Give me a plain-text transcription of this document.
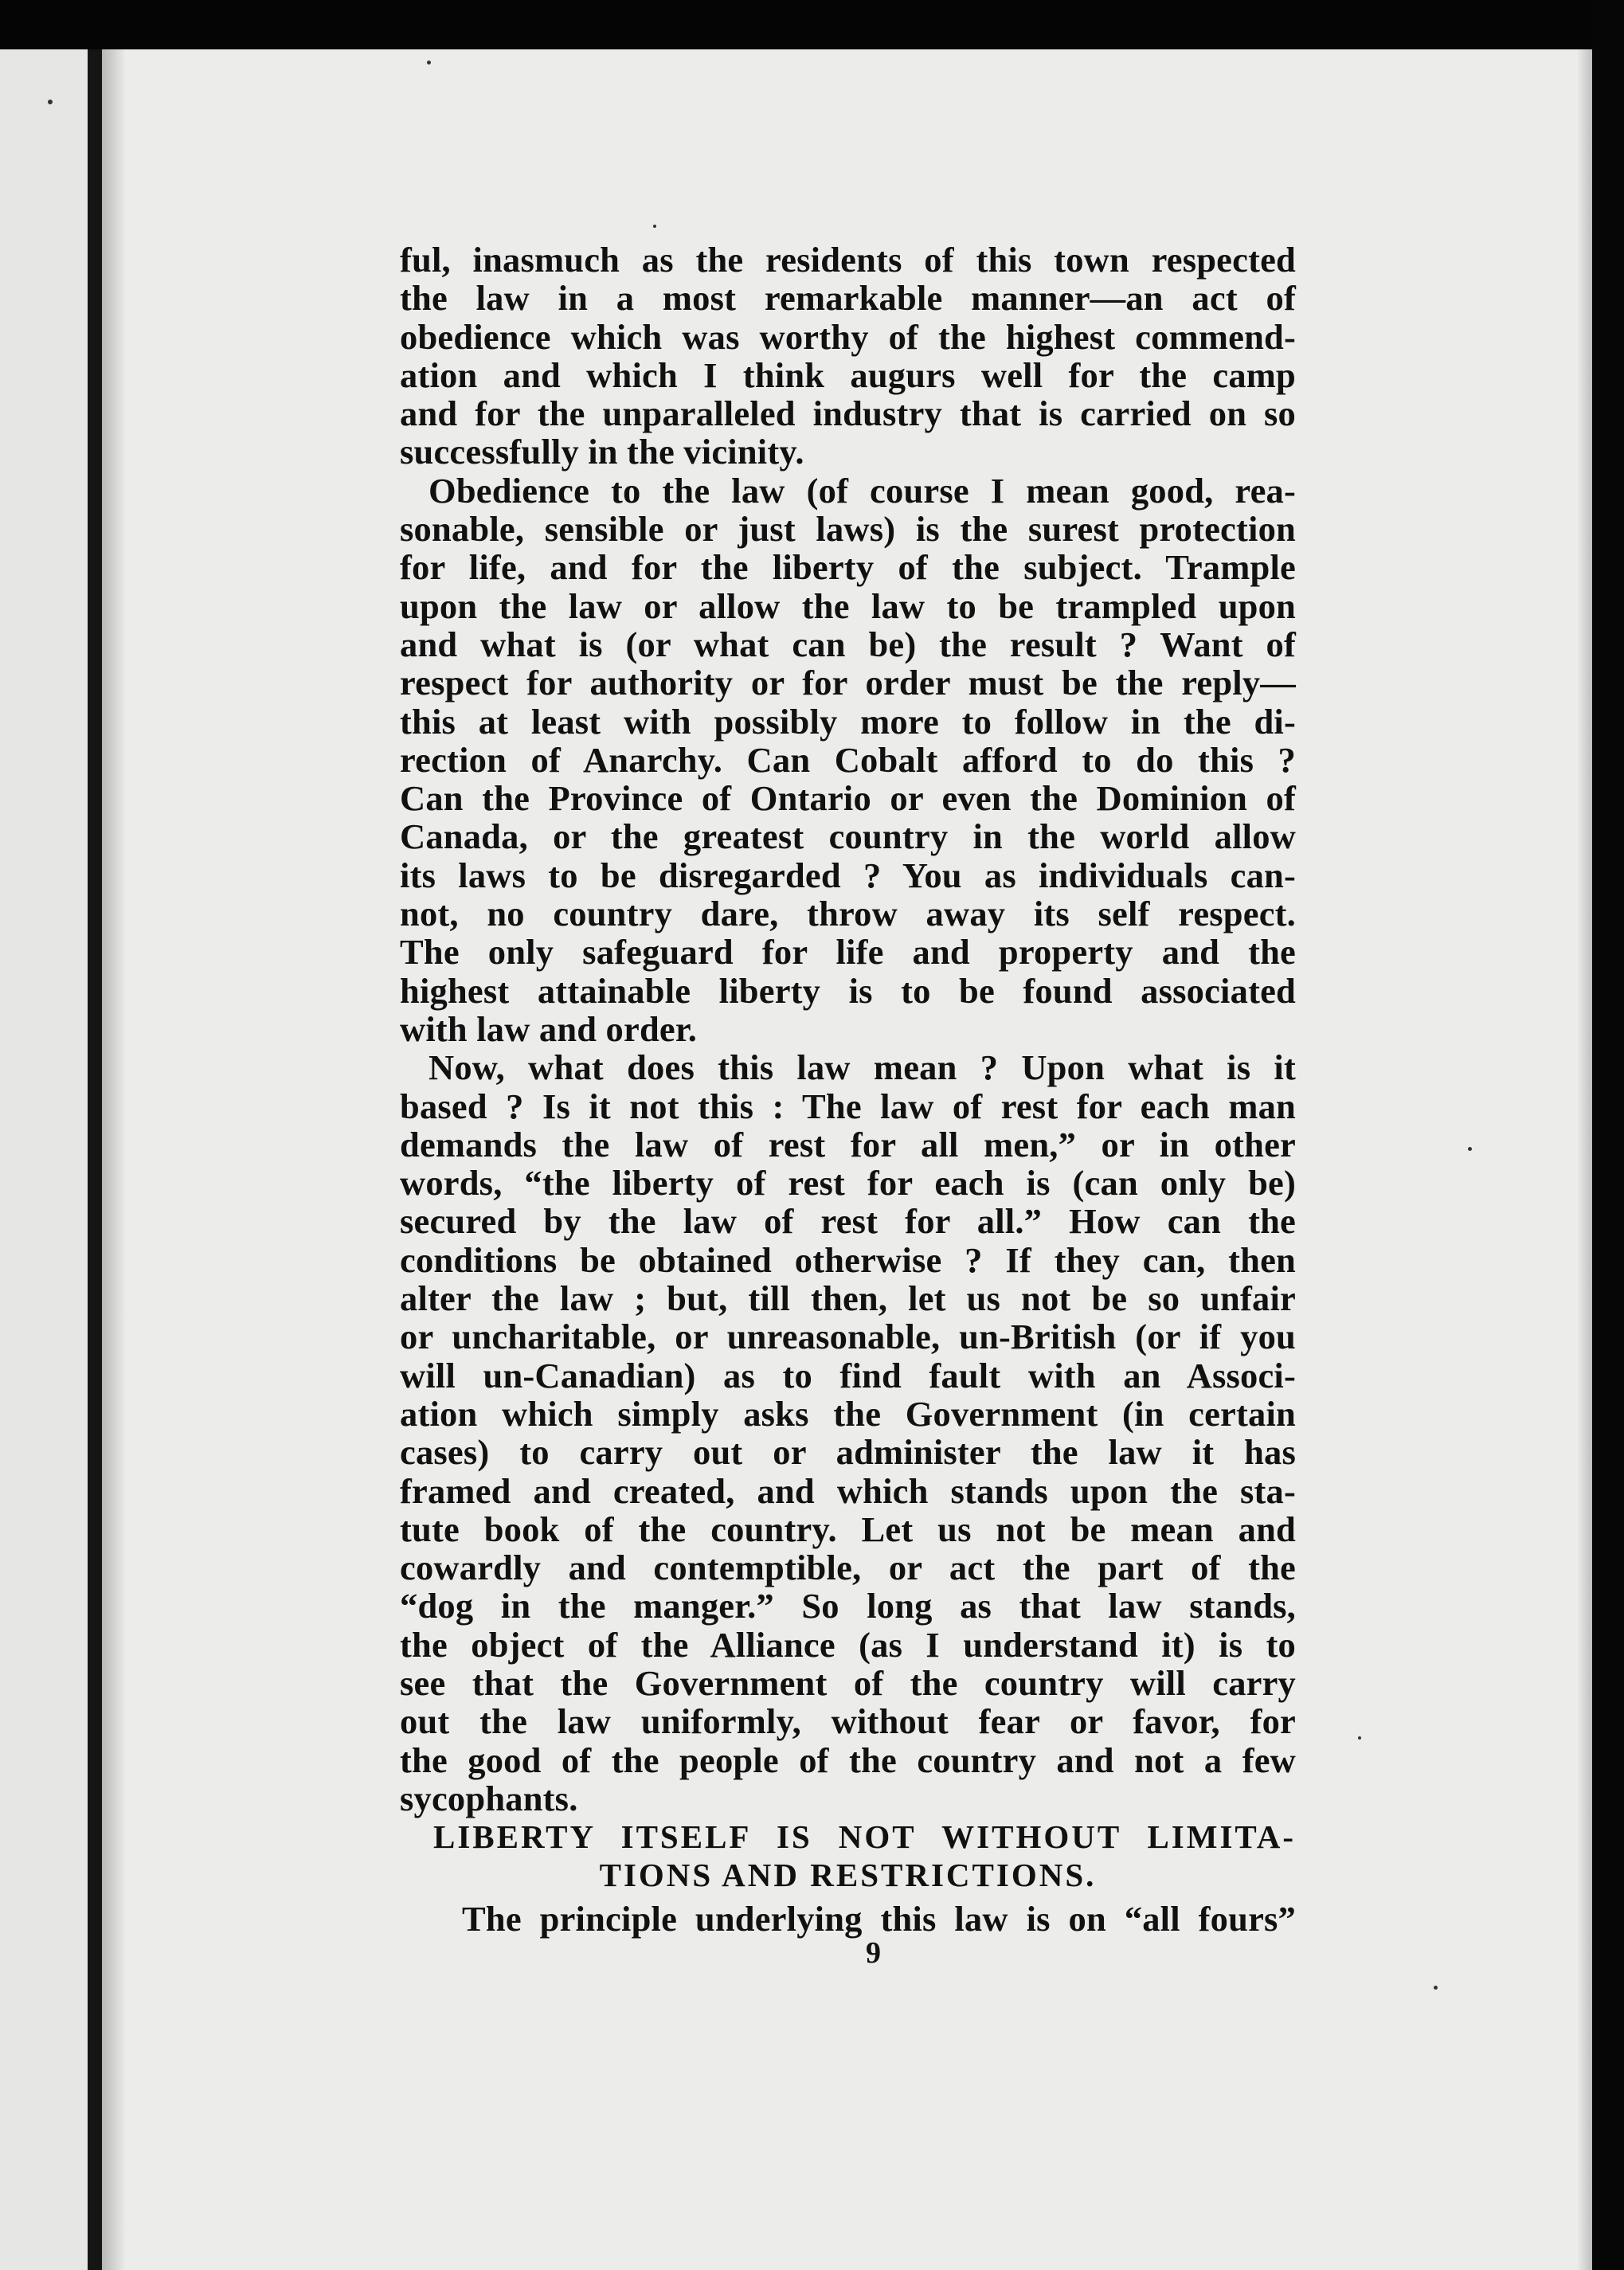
ful, inasmuch as the residents of this town respected
the law in a most remarkable manner—an act of
obedience which was worthy of the highest commend-
ation and which I think augurs well for the camp
and for the unparalleled industry that is carried on so
successfully in the vicinity.
Obedience to the law (of course I mean good, rea-
sonable, sensible or just laws) is the surest protection
for life, and for the liberty of the subject. Trample
upon the law or allow the law to be trampled upon
and what is (or what can be) the result ? Want of
respect for authority or for order must be the reply—
this at least with possibly more to follow in the di-
rection of Anarchy. Can Cobalt afford to do this ?
Can the Province of Ontario or even the Dominion of
Canada, or the greatest country in the world allow
its laws to be disregarded ? You as individuals can-
not, no country dare, throw away its self respect.
The only safeguard for life and property and the
highest attainable liberty is to be found associated
with law and order.
Now, what does this law mean ? Upon what is it
based ? Is it not this : The law of rest for each man
demands the law of rest for all men,” or in other
words, “the liberty of rest for each is (can only be)
secured by the law of rest for all.” How can the
conditions be obtained otherwise ? If they can, then
alter the law ; but, till then, let us not be so unfair
or uncharitable, or unreasonable, un-British (or if you
will un-Canadian) as to find fault with an Associ-
ation which simply asks the Government (in certain
cases) to carry out or administer the law it has
framed and created, and which stands upon the sta-
tute book of the country. Let us not be mean and
cowardly and contemptible, or act the part of the
“dog in the manger.” So long as that law stands,
the object of the Alliance (as I understand it) is to
see that the Government of the country will carry
out the law uniformly, without fear or favor, for
the good of the people of the country and not a few
sycophants.
LIBERTY ITSELF IS NOT WITHOUT LIMITA-
TIONS AND RESTRICTIONS.
The principle underlying this law is on “all fours”
9
